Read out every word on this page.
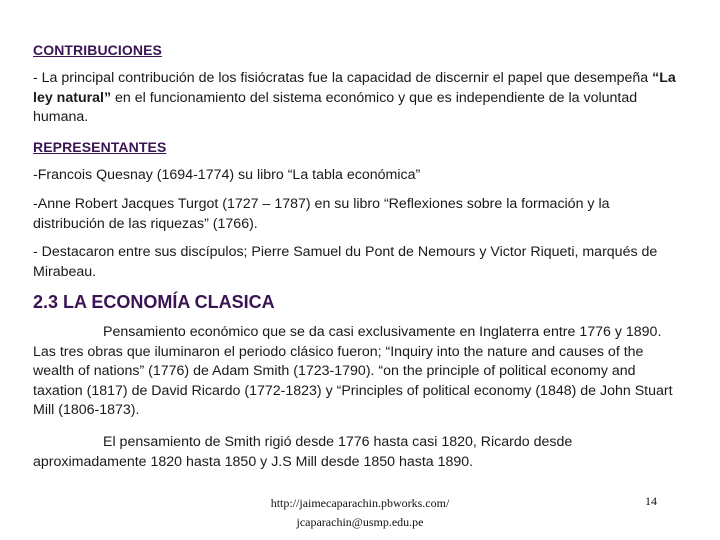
CONTRIBUCIONES
- La principal contribución de los fisiócratas fue la capacidad de discernir el papel que desempeña “La ley natural” en el funcionamiento del sistema económico y que es independiente de la voluntad humana.
REPRESENTANTES
-Francois Quesnay (1694-1774) su libro “La tabla económica”
-Anne Robert Jacques Turgot (1727 – 1787) en su libro “Reflexiones sobre la formación y la distribución de las riquezas” (1766).
- Destacaron entre sus discípulos; Pierre Samuel du Pont de Nemours y Victor Riqueti, marqués de Mirabeau.
2.3 LA ECONOMÍA CLASICA
Pensamiento económico que se da casi exclusivamente en Inglaterra entre 1776 y 1890. Las tres obras que iluminaron el periodo clásico fueron; “Inquiry into the nature and causes of the wealth of nations” (1776) de Adam Smith (1723-1790). “on the principle of political economy and taxation (1817) de David Ricardo (1772-1823) y “Principles of political economy (1848) de John Stuart Mill (1806-1873).
El pensamiento de Smith rigió desde 1776 hasta casi 1820, Ricardo desde aproximadamente 1820 hasta 1850 y J.S Mill desde 1850 hasta 1890.
http://jaimecaparachin.pbworks.com/
jcaparachin@usmp.edu.pe
14
